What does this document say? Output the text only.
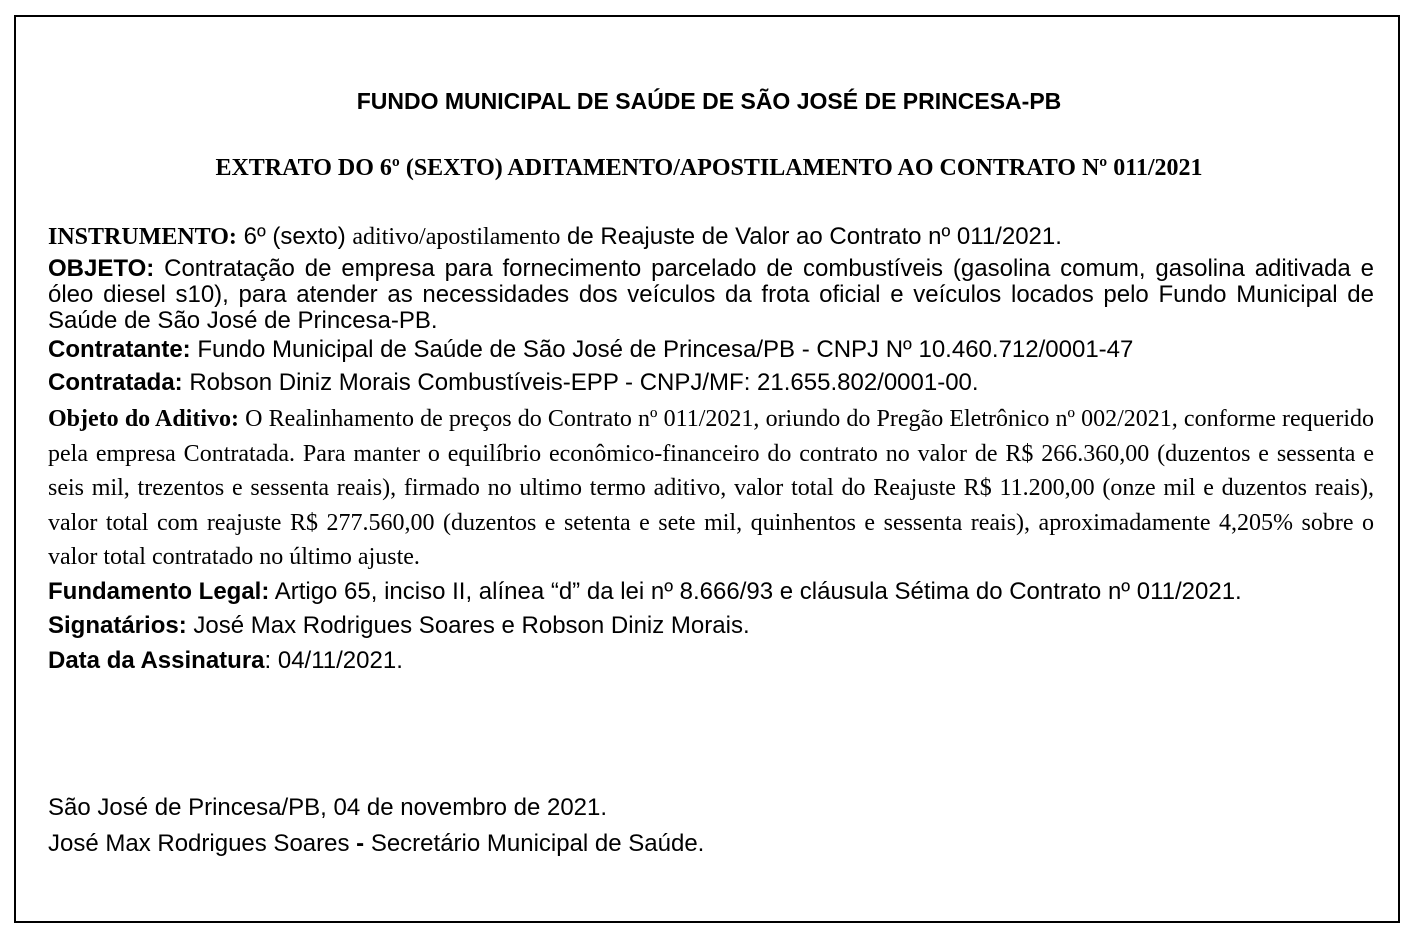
FUNDO MUNICIPAL DE SAÚDE DE SÃO JOSÉ DE PRINCESA-PB
EXTRATO DO 6º (SEXTO) ADITAMENTO/APOSTILAMENTO AO CONTRATO Nº 011/2021

INSTRUMENTO: 6º (sexto) aditivo/apostilamento de Reajuste de Valor ao Contrato nº 011/2021.

OBJETO: Contratação de empresa para fornecimento parcelado de combustíveis (gasolina comum, gasolina aditivada e óleo diesel s10), para atender as necessidades dos veículos da frota oficial e veículos locados pelo Fundo Municipal de Saúde de São José de Princesa-PB.

Contratante: Fundo Municipal de Saúde de São José de Princesa/PB - CNPJ Nº 10.460.712/0001-47

Contratada: Robson Diniz Morais Combustíveis-EPP - CNPJ/MF: 21.655.802/0001-00.

Objeto do Aditivo: O Realinhamento de preços do Contrato nº 011/2021, oriundo do Pregão Eletrônico nº 002/2021, conforme requerido pela empresa Contratada. Para manter o equilíbrio econômico-financeiro do contrato no valor de R$ 266.360,00 (duzentos e sessenta e seis mil, trezentos e sessenta reais), firmado no ultimo termo aditivo, valor total do Reajuste R$ 11.200,00 (onze mil e duzentos reais), valor total com reajuste R$ 277.560,00 (duzentos e setenta e sete mil, quinhentos e sessenta reais), aproximadamente 4,205% sobre o valor total contratado no último ajuste.

Fundamento Legal: Artigo 65, inciso II, alínea “d” da lei nº 8.666/93 e cláusula Sétima do Contrato nº 011/2021.

Signatários: José Max Rodrigues Soares e Robson Diniz Morais.

Data da Assinatura: 04/11/2021.

São José de Princesa/PB, 04 de novembro de 2021.

José Max Rodrigues Soares - Secretário Municipal de Saúde.
